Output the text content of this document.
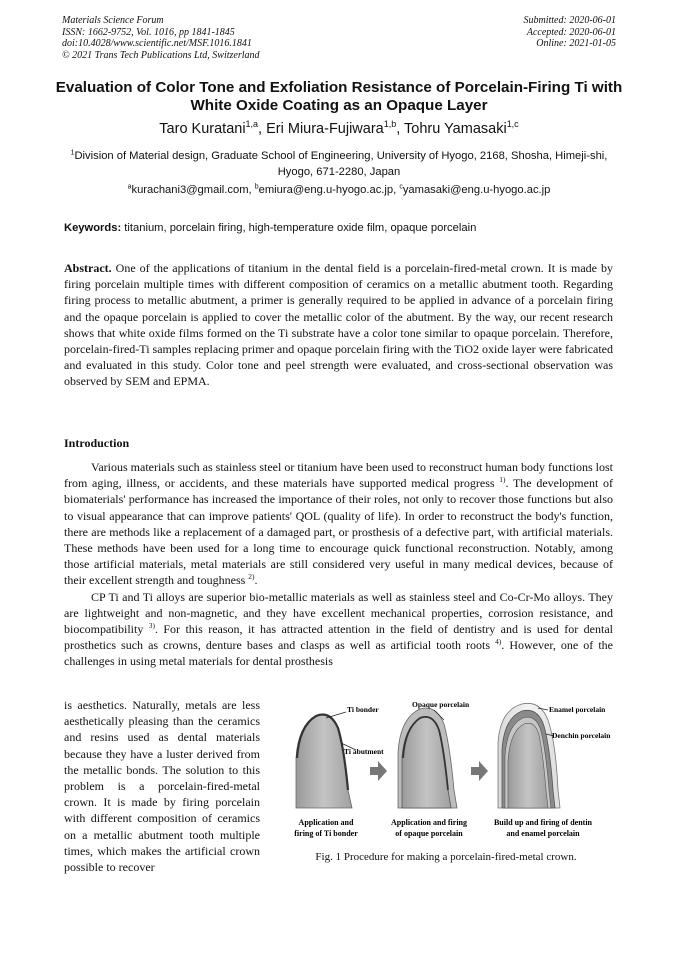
Materials Science Forum
ISSN: 1662-9752, Vol. 1016, pp 1841-1845
doi:10.4028/www.scientific.net/MSF.1016.1841
© 2021 Trans Tech Publications Ltd, Switzerland
Submitted: 2020-06-01
Accepted: 2020-06-01
Online: 2021-01-05
Evaluation of Color Tone and Exfoliation Resistance of Porcelain-Firing Ti with White Oxide Coating as an Opaque Layer
Taro Kuratani$^{1,a}$, Eri Miura-Fujiwara$^{1,b}$, Tohru Yamasaki$^{1,c}$
$^1$Division of Material design, Graduate School of Engineering, University of Hyogo, 2168, Shosha, Himeji-shi, Hyogo, 671-2280, Japan
$^a$kurachani3@gmail.com, $^b$emiura@eng.u-hyogo.ac.jp, $^c$yamasaki@eng.u-hyogo.ac.jp
Keywords: titanium, porcelain firing, high-temperature oxide film, opaque porcelain
Abstract. One of the applications of titanium in the dental field is a porcelain-fired-metal crown. It is made by firing porcelain multiple times with different composition of ceramics on a metallic abutment tooth. Regarding firing process to metallic abutment, a primer is generally required to be applied in advance of a porcelain firing and the opaque porcelain is applied to cover the metallic color of the abutment. By the way, our recent research shows that white oxide films formed on the Ti substrate have a color tone similar to opaque porcelain. Therefore, porcelain-fired-Ti samples replacing primer and opaque porcelain firing with the TiO2 oxide layer were fabricated and evaluated in this study. Color tone and peel strength were evaluated, and cross-sectional observation was observed by SEM and EPMA.
Introduction

Various materials such as stainless steel or titanium have been used to reconstruct human body functions lost from aging, illness, or accidents, and these materials have supported medical progress $^{1)}$. The development of biomaterials' performance has increased the importance of their roles, not only to recover those functions but also to visual appearance that can improve patients' QOL (quality of life). In order to reconstruct the body's function, there are methods like a replacement of a damaged part, or prosthesis of a defective part, with artificial materials. These methods have been used for a long time to encourage quick functional reconstruction. Notably, among those artificial materials, metal materials are still considered very useful in many medical devices, because of their excellent strength and toughness $^{2)}$.

CP Ti and Ti alloys are superior bio-metallic materials as well as stainless steel and Co-Cr-Mo alloys. They are lightweight and non-magnetic, and they have excellent mechanical properties, corrosion resistance, and biocompatibility $^{3)}$. For this reason, it has attracted attention in the field of dentistry and is used for dental prosthetics such as crowns, denture bases and clasps as well as artificial tooth roots $^{4)}$. However, one of the challenges in using metal materials for dental prosthesis

is aesthetics. Naturally, metals are less aesthetically pleasing than the ceramics and resins used as dental materials because they have a luster derived from the metallic bonds. The solution to this problem is a porcelain-fired-metal crown. It is made by firing porcelain with different composition of ceramics on a metallic abutment tooth multiple times, which makes the artificial crown possible to recover
Ti bonder
Ti abutment
Application and
firing of Ti bonder
Opaque porcelain
Application and firing
of opaque porcelain
Enamel porcelain
Denchin porcelain
Build up and firing of dentin
and enamel porcelain
Fig. 1 Procedure for making a porcelain-fired-metal crown.
